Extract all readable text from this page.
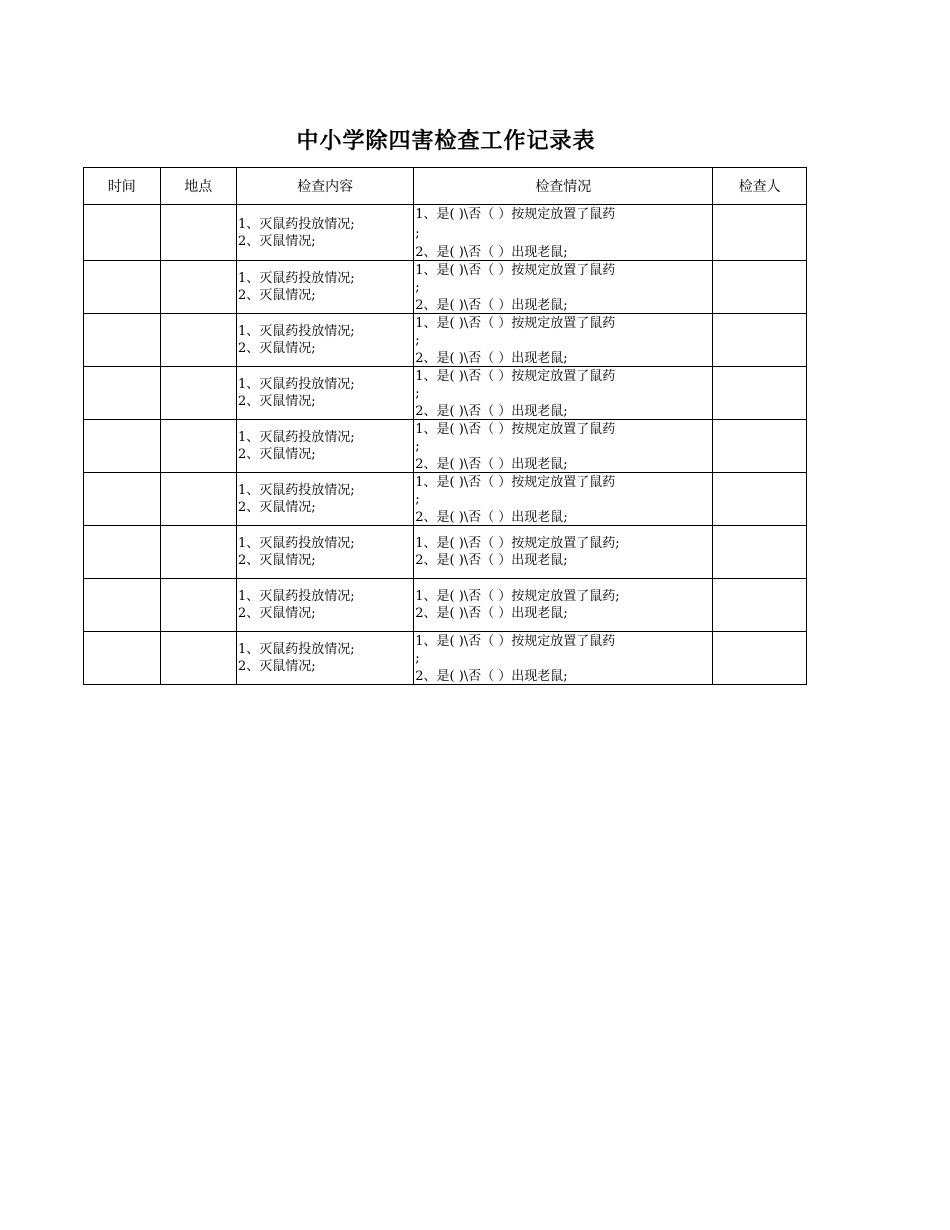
中小学除四害检查工作记录表
时间	地点	检查内容	检查情况	检查人

		1、灭鼠药投放情况;
2、灭鼠情况;	1、是( )\否（ ）按规定放置了鼠药
;
2、是( )\否（ ）出现老鼠;	

		1、灭鼠药投放情况;
2、灭鼠情况;	1、是( )\否（ ）按规定放置了鼠药
;
2、是( )\否（ ）出现老鼠;	

		1、灭鼠药投放情况;
2、灭鼠情况;	1、是( )\否（ ）按规定放置了鼠药
;
2、是( )\否（ ）出现老鼠;	

		1、灭鼠药投放情况;
2、灭鼠情况;	1、是( )\否（ ）按规定放置了鼠药
;
2、是( )\否（ ）出现老鼠;	

		1、灭鼠药投放情况;
2、灭鼠情况;	1、是( )\否（ ）按规定放置了鼠药
;
2、是( )\否（ ）出现老鼠;	

		1、灭鼠药投放情况;
2、灭鼠情况;	1、是( )\否（ ）按规定放置了鼠药
;
2、是( )\否（ ）出现老鼠;	

		1、灭鼠药投放情况;
2、灭鼠情况;	1、是( )\否（ ）按规定放置了鼠药;
2、是( )\否（ ）出现老鼠;	

		1、灭鼠药投放情况;
2、灭鼠情况;	1、是( )\否（ ）按规定放置了鼠药;
2、是( )\否（ ）出现老鼠;	

		1、灭鼠药投放情况;
2、灭鼠情况;	1、是( )\否（ ）按规定放置了鼠药
;
2、是( )\否（ ）出现老鼠;	
